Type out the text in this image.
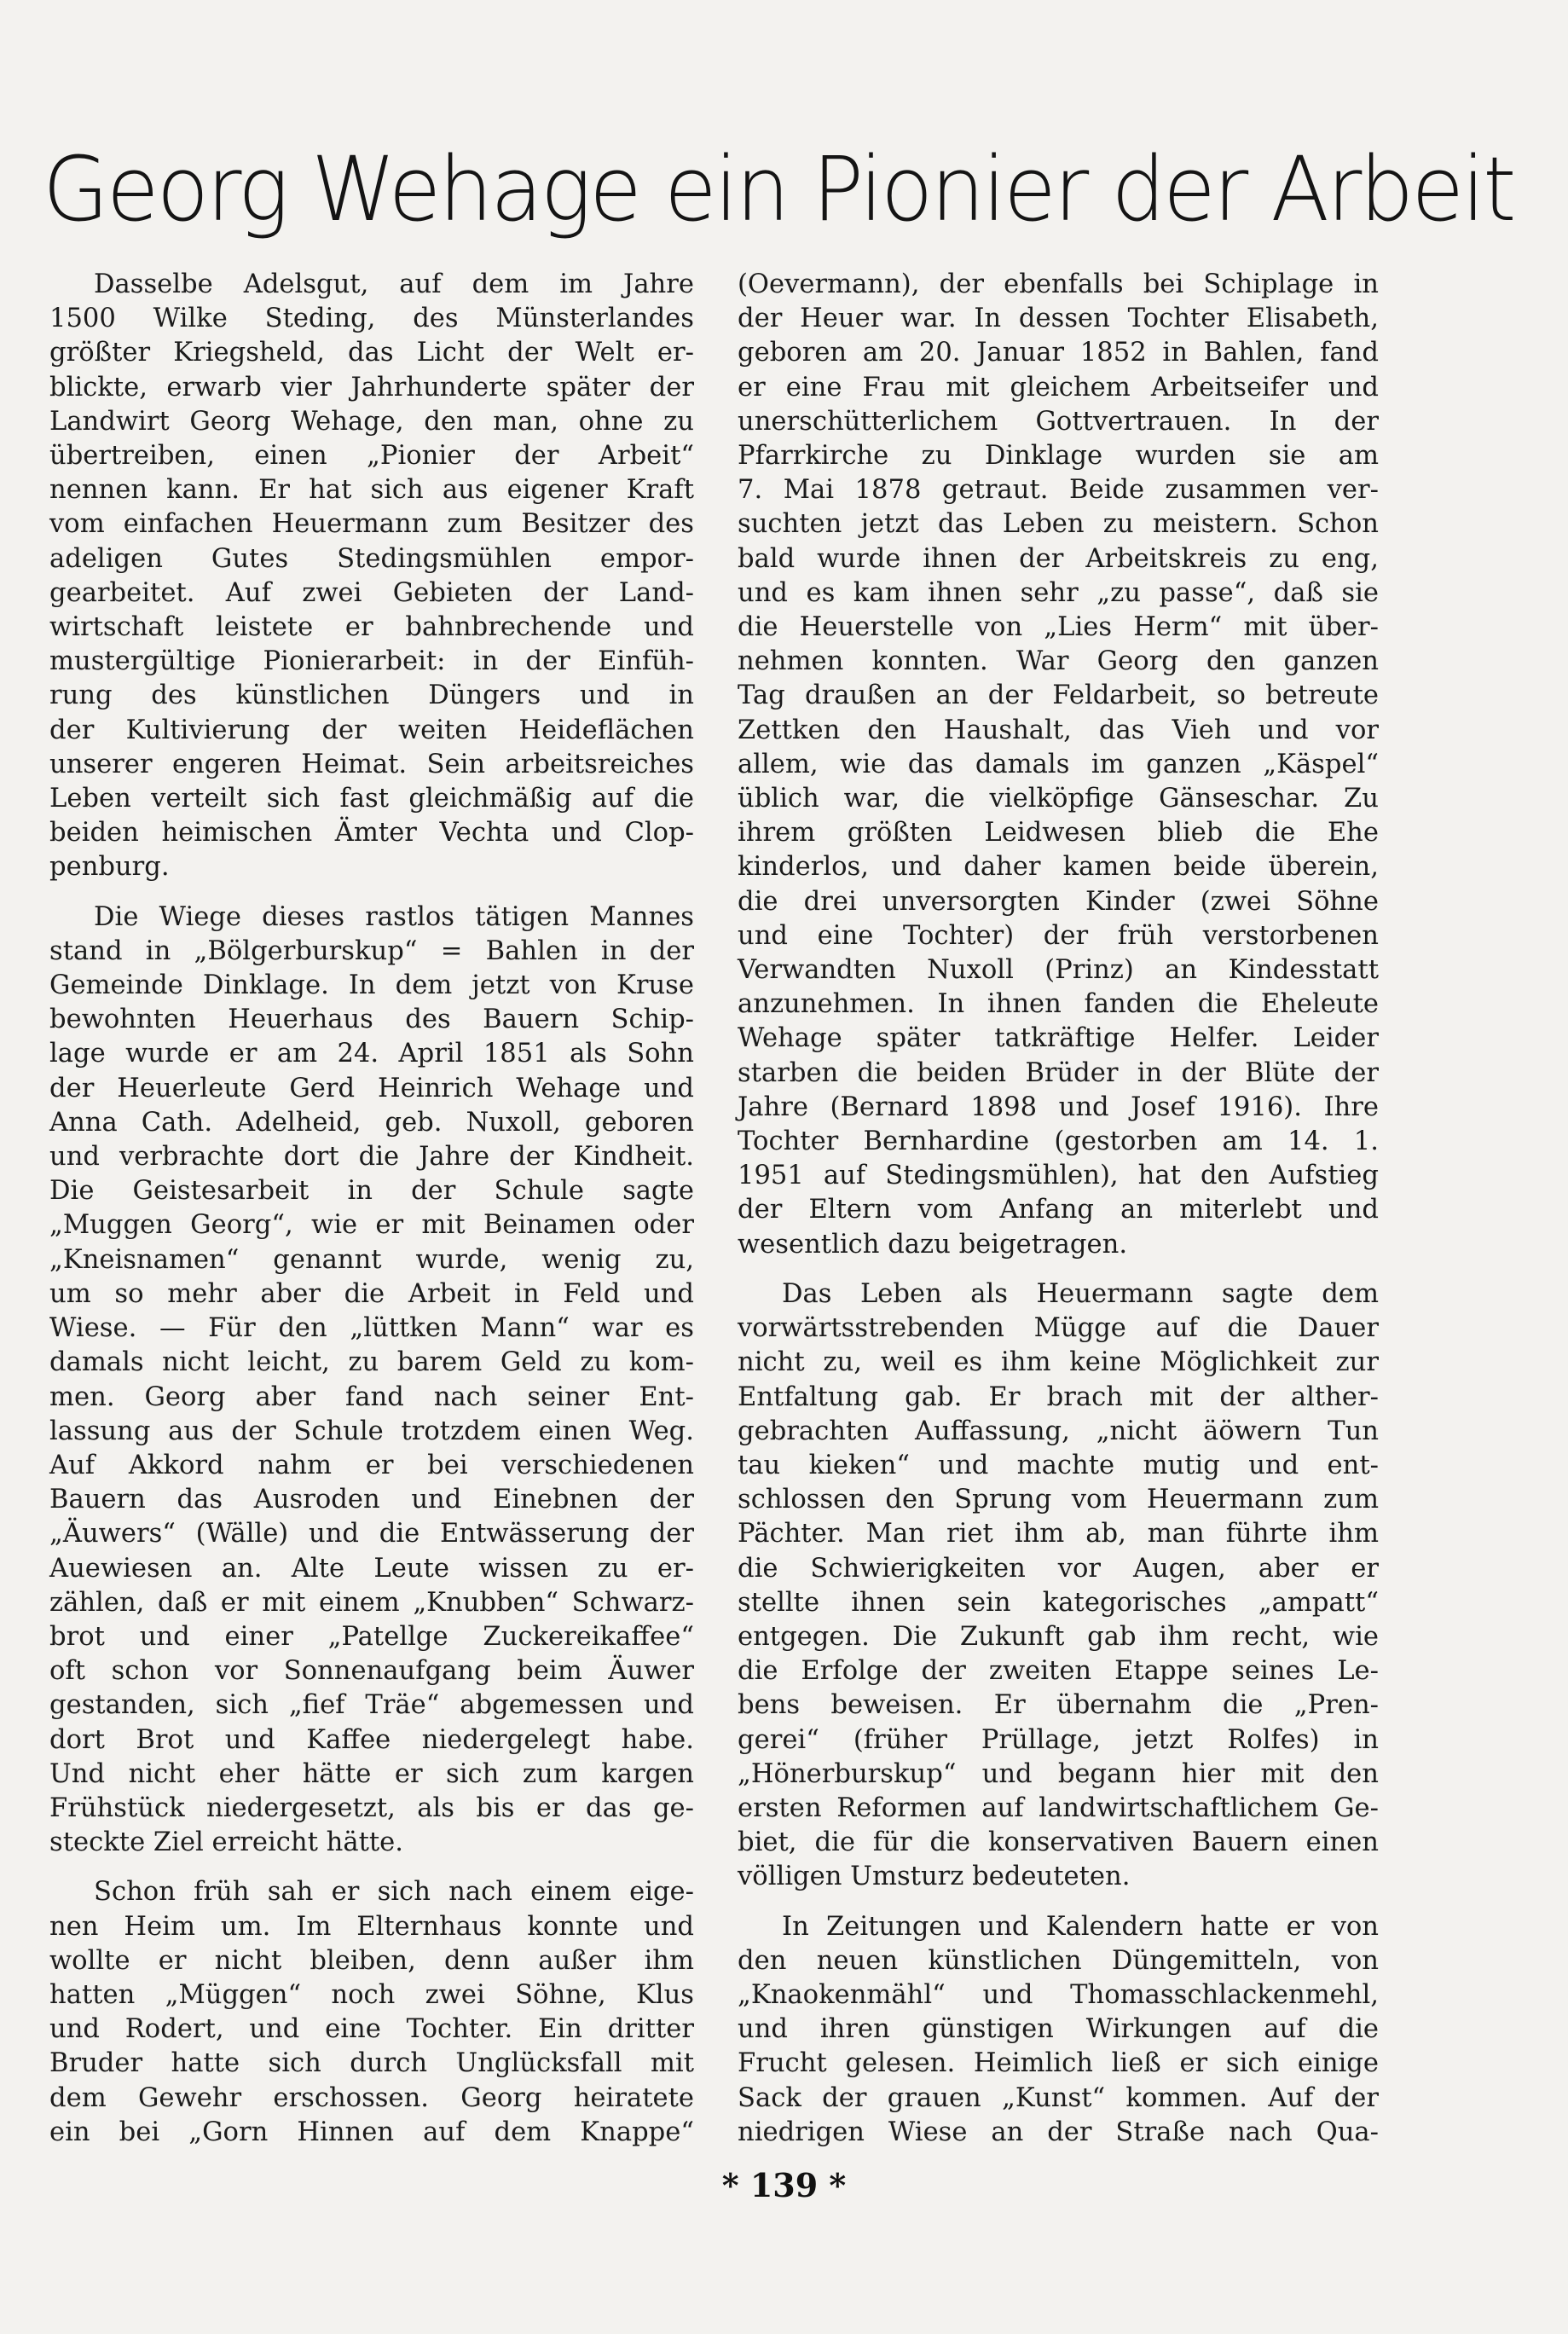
Georg Wehage ein Pionier der Arbeit

Dasselbe Adelsgut, auf dem im Jahre
1500 Wilke Steding, des Münsterlandes
größter Kriegsheld, das Licht der Welt er-
blickte, erwarb vier Jahrhunderte später der
Landwirt Georg Wehage, den man, ohne zu
übertreiben, einen „Pionier der Arbeit“
nennen kann. Er hat sich aus eigener Kraft
vom einfachen Heuermann zum Besitzer des
adeligen Gutes Stedingsmühlen empor-
gearbeitet. Auf zwei Gebieten der Land-
wirtschaft leistete er bahnbrechende und
mustergültige Pionierarbeit: in der Einfüh-
rung des künstlichen Düngers und in
der Kultivierung der weiten Heideflächen
unserer engeren Heimat. Sein arbeitsreiches
Leben verteilt sich fast gleichmäßig auf die
beiden heimischen Ämter Vechta und Clop-
penburg.

Die Wiege dieses rastlos tätigen Mannes
stand in „Bölgerburskup“ = Bahlen in der
Gemeinde Dinklage. In dem jetzt von Kruse
bewohnten Heuerhaus des Bauern Schip-
lage wurde er am 24. April 1851 als Sohn
der Heuerleute Gerd Heinrich Wehage und
Anna Cath. Adelheid, geb. Nuxoll, geboren
und verbrachte dort die Jahre der Kindheit.
Die Geistesarbeit in der Schule sagte
„Muggen Georg“, wie er mit Beinamen oder
„Kneisnamen“ genannt wurde, wenig zu,
um so mehr aber die Arbeit in Feld und
Wiese. — Für den „lüttken Mann“ war es
damals nicht leicht, zu barem Geld zu kom-
men. Georg aber fand nach seiner Ent-
lassung aus der Schule trotzdem einen Weg.
Auf Akkord nahm er bei verschiedenen
Bauern das Ausroden und Einebnen der
„Äuwers“ (Wälle) und die Entwässerung der
Auewiesen an. Alte Leute wissen zu er-
zählen, daß er mit einem „Knubben“ Schwarz-
brot und einer „Patellge Zuckereikaffee“
oft schon vor Sonnenaufgang beim Äuwer
gestanden, sich „fief Träe“ abgemessen und
dort Brot und Kaffee niedergelegt habe.
Und nicht eher hätte er sich zum kargen
Frühstück niedergesetzt, als bis er das ge-
steckte Ziel erreicht hätte.

Schon früh sah er sich nach einem eige-
nen Heim um. Im Elternhaus konnte und
wollte er nicht bleiben, denn außer ihm
hatten „Müggen“ noch zwei Söhne, Klus
und Rodert, und eine Tochter. Ein dritter
Bruder hatte sich durch Unglücksfall mit
dem Gewehr erschossen. Georg heiratete
ein bei „Gorn Hinnen auf dem Knappe“

(Oevermann), der ebenfalls bei Schiplage in
der Heuer war. In dessen Tochter Elisabeth,
geboren am 20. Januar 1852 in Bahlen, fand
er eine Frau mit gleichem Arbeitseifer und
unerschütterlichem Gottvertrauen. In der
Pfarrkirche zu Dinklage wurden sie am
7. Mai 1878 getraut. Beide zusammen ver-
suchten jetzt das Leben zu meistern. Schon
bald wurde ihnen der Arbeitskreis zu eng,
und es kam ihnen sehr „zu passe“, daß sie
die Heuerstelle von „Lies Herm“ mit über-
nehmen konnten. War Georg den ganzen
Tag draußen an der Feldarbeit, so betreute
Zettken den Haushalt, das Vieh und vor
allem, wie das damals im ganzen „Käspel“
üblich war, die vielköpfige Gänseschar. Zu
ihrem größten Leidwesen blieb die Ehe
kinderlos, und daher kamen beide überein,
die drei unversorgten Kinder (zwei Söhne
und eine Tochter) der früh verstorbenen
Verwandten Nuxoll (Prinz) an Kindesstatt
anzunehmen. In ihnen fanden die Eheleute
Wehage später tatkräftige Helfer. Leider
starben die beiden Brüder in der Blüte der
Jahre (Bernard 1898 und Josef 1916). Ihre
Tochter Bernhardine (gestorben am 14. 1.
1951 auf Stedingsmühlen), hat den Aufstieg
der Eltern vom Anfang an miterlebt und
wesentlich dazu beigetragen.

Das Leben als Heuermann sagte dem
vorwärtsstrebenden Mügge auf die Dauer
nicht zu, weil es ihm keine Möglichkeit zur
Entfaltung gab. Er brach mit der alther-
gebrachten Auffassung, „nicht äöwern Tun
tau kieken“ und machte mutig und ent-
schlossen den Sprung vom Heuermann zum
Pächter. Man riet ihm ab, man führte ihm
die Schwierigkeiten vor Augen, aber er
stellte ihnen sein kategorisches „ampatt“
entgegen. Die Zukunft gab ihm recht, wie
die Erfolge der zweiten Etappe seines Le-
bens beweisen. Er übernahm die „Pren-
gerei“ (früher Prüllage, jetzt Rolfes) in
„Hönerburskup“ und begann hier mit den
ersten Reformen auf landwirtschaftlichem Ge-
biet, die für die konservativen Bauern einen
völligen Umsturz bedeuteten.

In Zeitungen und Kalendern hatte er von
den neuen künstlichen Düngemitteln, von
„Knaokenmähl“ und Thomasschlackenmehl,
und ihren günstigen Wirkungen auf die
Frucht gelesen. Heimlich ließ er sich einige
Sack der grauen „Kunst“ kommen. Auf der
niedrigen Wiese an der Straße nach Qua-

* 139 *
